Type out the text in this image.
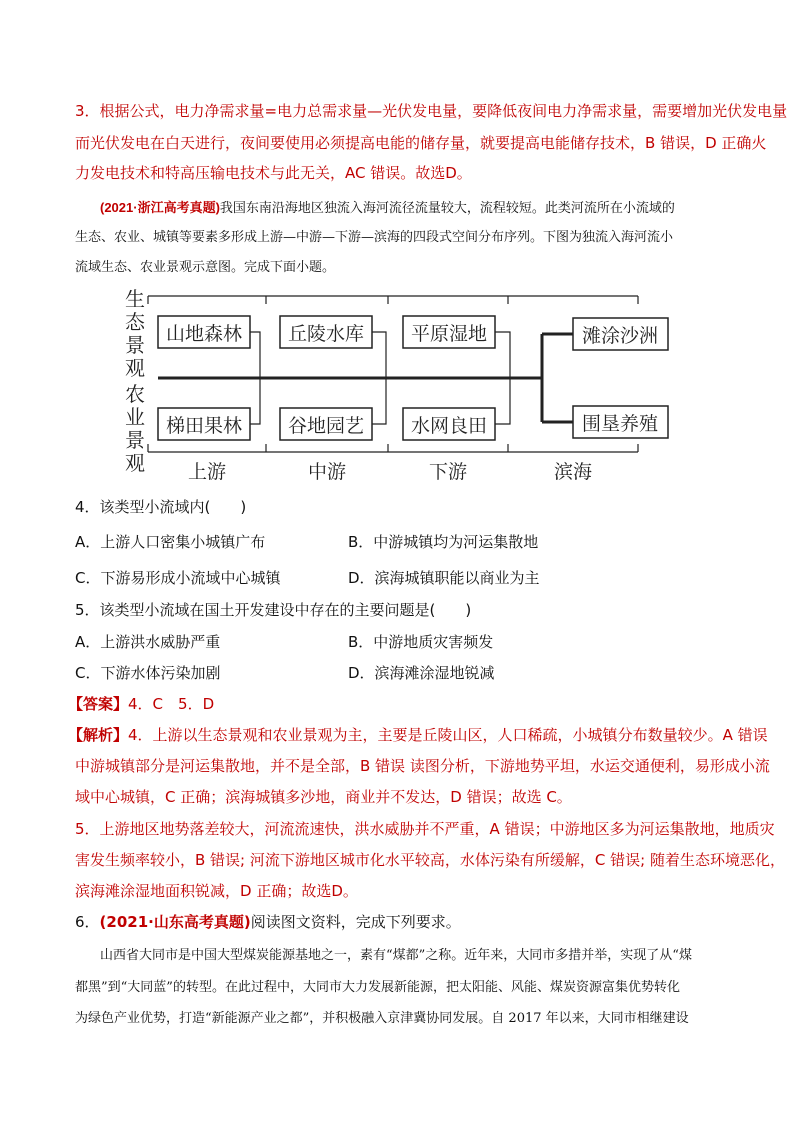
3．根据公式，电力净需求量=电力总需求量—光伏发电量，要降低夜间电力净需求量，需要增加光伏发电量
而光伏发电在白天进行，夜间要使用必须提高电能的储存量，就要提高电能储存技术，B 错误，D 正确火
力发电技术和特高压输电技术与此无关，AC 错误。故选D。
(2021·浙江高考真题)我国东南沿海地区独流入海河流径流量较大，流程较短。此类河流所在小流域的
生态、农业、城镇等要素多形成上游—中游—下游—滨海的四段式空间分布序列。下图为独流入海河流小
流域生态、农业景观示意图。完成下面小题。
生
态
景
观
农
业
景
观
山地森林 丘陵水库 平原湿地
梯田果林 谷地园艺 水网良田
滩涂沙洲
围垦养殖
上游	中游	下游	滨海
4．该类型小流域内(　　)
A．上游人口密集小城镇广布	B．中游城镇均为河运集散地
C．下游易形成小流域中心城镇	D．滨海城镇职能以商业为主
5．该类型小流域在国土开发建设中存在的主要问题是(　　)
A．上游洪水威胁严重	B．中游地质灾害频发
C．下游水体污染加剧	D．滨海滩涂湿地锐减
【答案】4．C　5．D
【解析】4．上游以生态景观和农业景观为主，主要是丘陵山区，人口稀疏，小城镇分布数量较少。A 错误
中游城镇部分是河运集散地，并不是全部，B 错误 读图分析，下游地势平坦，水运交通便利，易形成小流
域中心城镇，C 正确；滨海城镇多沙地，商业并不发达，D 错误；故选 C。
5．上游地区地势落差较大，河流流速快，洪水威胁并不严重，A 错误；中游地区多为河运集散地，地质灾
害发生频率较小，B 错误; 河流下游地区城市化水平较高，水体污染有所缓解，C 错误; 随着生态环境恶化，
滨海滩涂湿地面积锐减，D 正确；故选D。
6．(2021·山东高考真题)阅读图文资料，完成下列要求。
山西省大同市是中国大型煤炭能源基地之一，素有“煤都”之称。近年来，大同市多措并举，实现了从“煤
都黑”到“大同蓝”的转型。在此过程中，大同市大力发展新能源，把太阳能、风能、煤炭资源富集优势转化
为绿色产业优势，打造“新能源产业之都”，并积极融入京津冀协同发展。自 2017 年以来，大同市相继建设
